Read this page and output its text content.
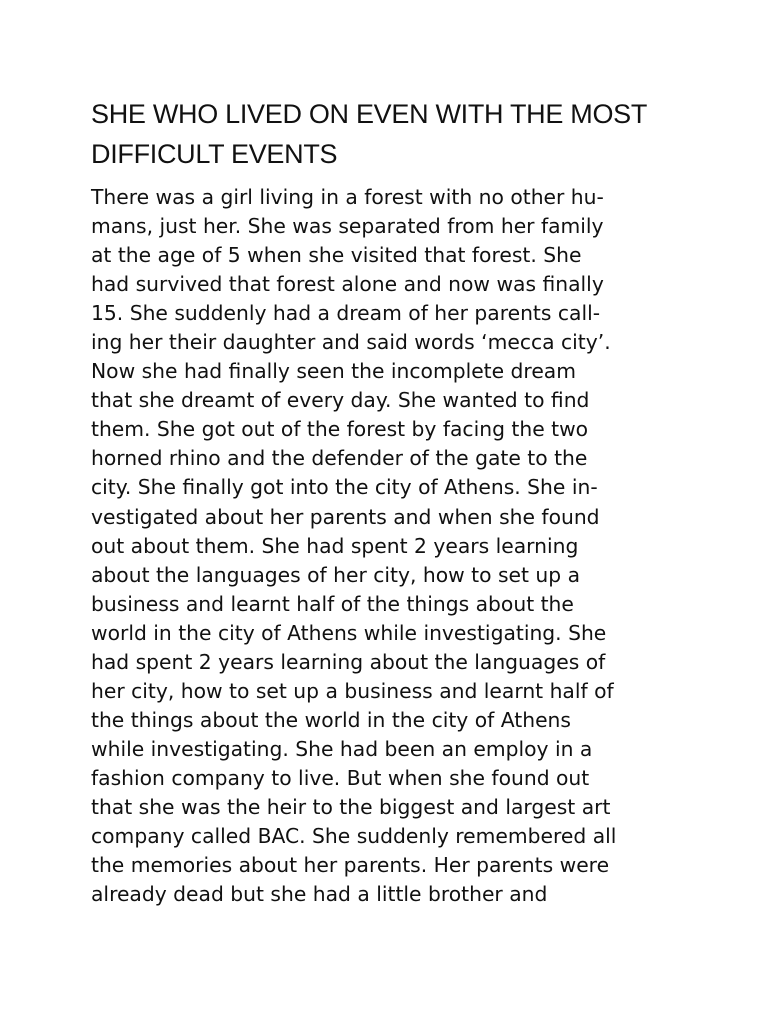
SHE WHO LIVED ON EVEN WITH THE MOST
DIFFICULT EVENTS
There was a girl living in a forest with no other hu-
mans, just her. She was separated from her family
at the age of 5 when she visited that forest. She
had survived that forest alone and now was finally
15. She suddenly had a dream of her parents call-
ing her their daughter and said words ‘mecca city’.
Now she had finally seen the incomplete dream
that she dreamt of every day. She wanted to find
them. She got out of the forest by facing the two
horned rhino and the defender of the gate to the
city. She finally got into the city of Athens. She in-
vestigated about her parents and when she found
out about them. She had spent 2 years learning
about the languages of her city, how to set up a
business and learnt half of the things about the
world in the city of Athens while investigating. She
had spent 2 years learning about the languages of
her city, how to set up a business and learnt half of
the things about the world in the city of Athens
while investigating. She had been an employ in a
fashion company to live. But when she found out
that she was the heir to the biggest and largest art
company called BAC. She suddenly remembered all
the memories about her parents. Her parents were
already dead but she had a little brother and
